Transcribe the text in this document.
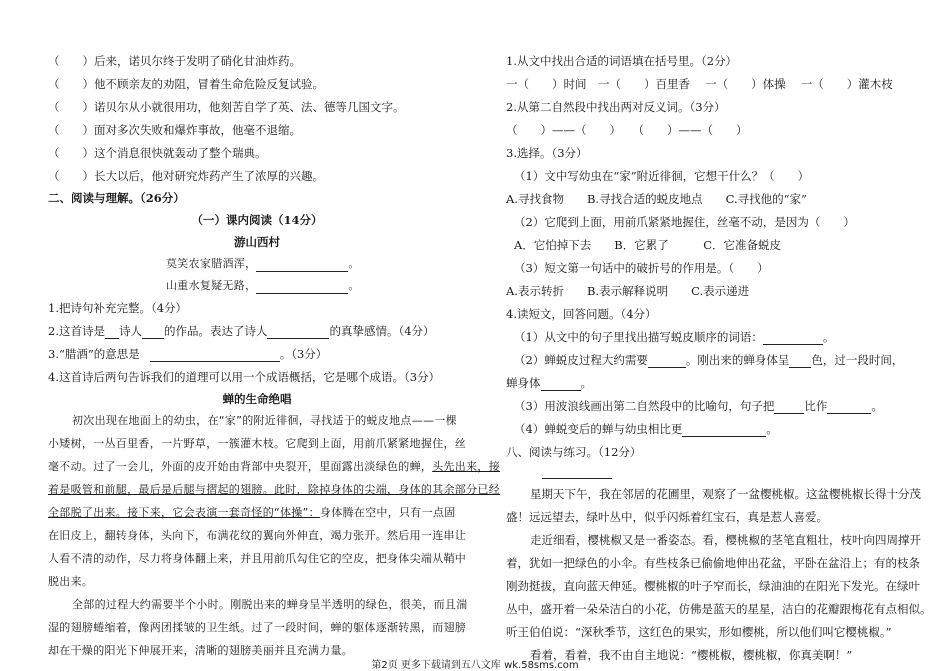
（　　）后来，诺贝尔终于发明了硝化甘油炸药。
（　　）他不顾亲友的劝阻，冒着生命危险反复试验。
（　　）诺贝尔从小就很用功，他刻苦自学了英、法、德等几国文字。
（　　）面对多次失败和爆炸事故，他毫不退缩。
（　　）这个消息很快就轰动了整个瑞典。
（　　）长大以后，他对研究炸药产生了浓厚的兴趣。
二、阅读与理解。（26分）
（一）课内阅读（14分）
游山西村
莫笑农家腊酒浑，	。
山重水复疑无路，	。
1.把诗句补充完整。（4分）
2.这首诗是 诗人 的作品。表达了诗人	的真挚感情。（4分）
3.“腊酒”的意思是	。（3分）
4.这首诗后两句告诉我们的道理可以用一个成语概括，它是哪个成语。（3分）
蝉的生命绝唱
初次出现在地面上的幼虫，在“家”的附近徘徊，寻找适于的蜕皮地点——一棵
小矮树，一丛百里香，一片野草，一簇灌木枝。它爬到上面，用前爪紧紧地握住，丝
毫不动。过了一会儿，外面的皮开始由背部中央裂开，里面露出淡绿色的蝉，头先出来，接
着是吸管和前腿，最后是后腿与摺起的翅膀。此时，除掉身体的尖端，身体的其余部分已经
全部脱了出来。接下来，它会表演一套奇怪的“体操”：身体腾在空中，只有一点固
在旧皮上，翻转身体，头向下，布满花纹的翼向外伸直，竭力张开。然后用一连串让
人看不清的动作，尽力将身体翻上来，并且用前爪勾住它的空皮，把身体尖端从鞘中
脱出来。
全部的过程大约需要半个小时。刚脱出来的蝉身呈半透明的绿色，很美，而且湍
湿的翅膀蜷缩着，像两团揉皱的卫生纸。过了一段时间，蝉的躯体逐渐转黑，而翅膀
却在干燥的阳光下伸展开来，清晰的翅膀美丽并且充满力量。
1.从文中找出合适的词语填在括号里。（2分）
一（　　）时间　一（　　）百里香　 一（　　）体操　 一（　　）灌木枝
2.从第二自然段中找出两对反义词。（3分）
（　　）——（　　）　　（　　）——（　　）
3.选择。（3分）
（1）文中写幼虫在“家”附近徘徊，它想干什么？（　　）
A.寻找食物　　B.寻找合适的蜕皮地点　　C.寻找他的“家”
（2）它爬到上面，用前爪紧紧地握住，丝毫不动，是因为（　　）
A．它怕掉下去　　B．它累了　　　C．它准备蜕皮
（3）短文第一句话中的破折号的作用是。（　　）
A.表示转折　　B.表示解释说明　　C.表示递进
4.读短文，回答问题。（4分）
（1）从文中的句子里找出描写蜕皮顺序的词语：	。
（2）蝉蜕皮过程大约需要	。刚出来的蝉身体呈 色，过一段时间，
蝉身体	。
（3）用波浪线画出第二自然段中的比喻句，句子把	比作	。
（4）蝉蜕变后的蝉与幼虫相比更	。
八、阅读与练习。（12分）
星期天下午，我在邻居的花圃里，观察了一盆樱桃椒。这盆樱桃椒长得十分茂
盛！远远望去，绿叶丛中，似乎闪烁着红宝石，真是惹人喜爱。
走近细看，樱桃椒又是一番姿态。看，樱桃椒的茎笔直粗壮，枝叶向四周撑开
着，犹如一把绿色的小伞。有些枝条已偷偷地伸出花盆，平卧在盆沿上；有的枝条
刚劲挺拔，直向蓝天伸延。樱桃椒的叶子窄而长，绿油油的在阳光下发光。在绿叶
丛中，盛开着一朵朵洁白的小花，仿佛是蓝天的星星，洁白的花瓣跟梅花有点相似。
听王伯伯说：“深秋季节，这红色的果实，形如樱桃，所以他们叫它樱桃椒。”
看着，看着，我不由自主地说：“樱桃椒，樱桃椒，你真美啊！”
第2页 更多下载请到五八文库 wk.58sms.com
